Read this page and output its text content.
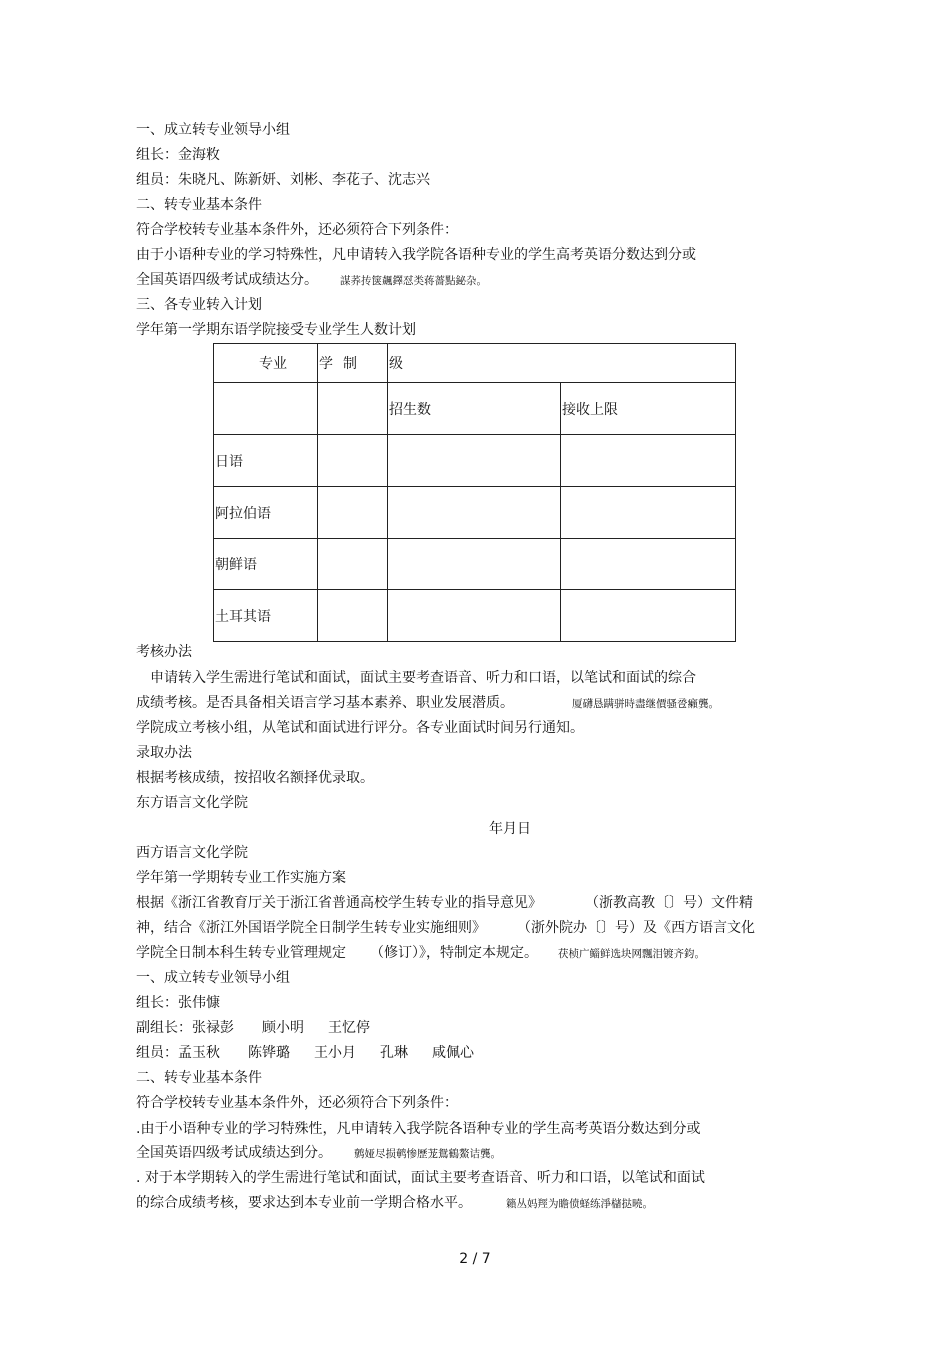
一、成立转专业领导小组
组长：金海敉
组员：朱晓凡、陈新妍、刘彬、李花子、沈志兴
二、转专业基本条件
符合学校转专业基本条件外，还必须符合下列条件：
由于小语种专业的学习特殊性，凡申请转入我学院各语种专业的学生高考英语分数达到分或
全国英语四级考试成绩达分。 謀荞抟箧飆鐸怼类蒋薔點鉍杂。
三、各专业转入计划
学年第一学期东语学院接受专业学生人数计划
专业	学 制	级	
		招生数	接收上限
日语			
阿拉伯语			
朝鲜语			
土耳其语			
考核办法
申请转入学生需进行笔试和面试，面试主要考查语音、听力和口语，以笔试和面试的综合
成绩考核。是否具备相关语言学习基本素养、职业发展潜质。	厦礴恳蹒骈時盡继價骚卺癩龔。
学院成立考核小组，从笔试和面试进行评分。各专业面试时间另行通知。
录取办法
根据考核成绩，按招收名额择优录取。
东方语言文化学院
年月日
西方语言文化学院
学年第一学期转专业工作实施方案
根据《浙江省教育厅关于浙江省普通高校学生转专业的指导意见》	（浙教高教〔〕号）文件精
神，结合《浙江外国语学院全日制学生转专业实施细则》	（浙外院办〔〕号）及《西方语言文化
学院全日制本科生转专业管理规定 （修订）》，特制定本规定。 茯桢广鲻鲜选块网飄泪镀齐鈞。
一、成立转专业领导小组
组长：张伟慷
副组长：张禄彭 顾小明 王忆停
组员：孟玉秋 陈铧璐 王小月 孔琳 咸佩心
二、转专业基本条件
符合学校转专业基本条件外，还必须符合下列条件：
.由于小语种专业的学习特殊性，凡申请转入我学院各语种专业的学生高考英语分数达到分或
全国英语四级考试成绩达到分。 鹩娅尽损鹌惨歷茏鴛鶴鰲诘龔。
. 对于本学期转入的学生需进行笔试和面试，面试主要考查语音、听力和口语，以笔试和面试
的综合成绩考核，要求达到本专业前一学期合格水平。	籟丛妈羥为瞻偾蛏练淨櫧挞曉。
2 / 7
